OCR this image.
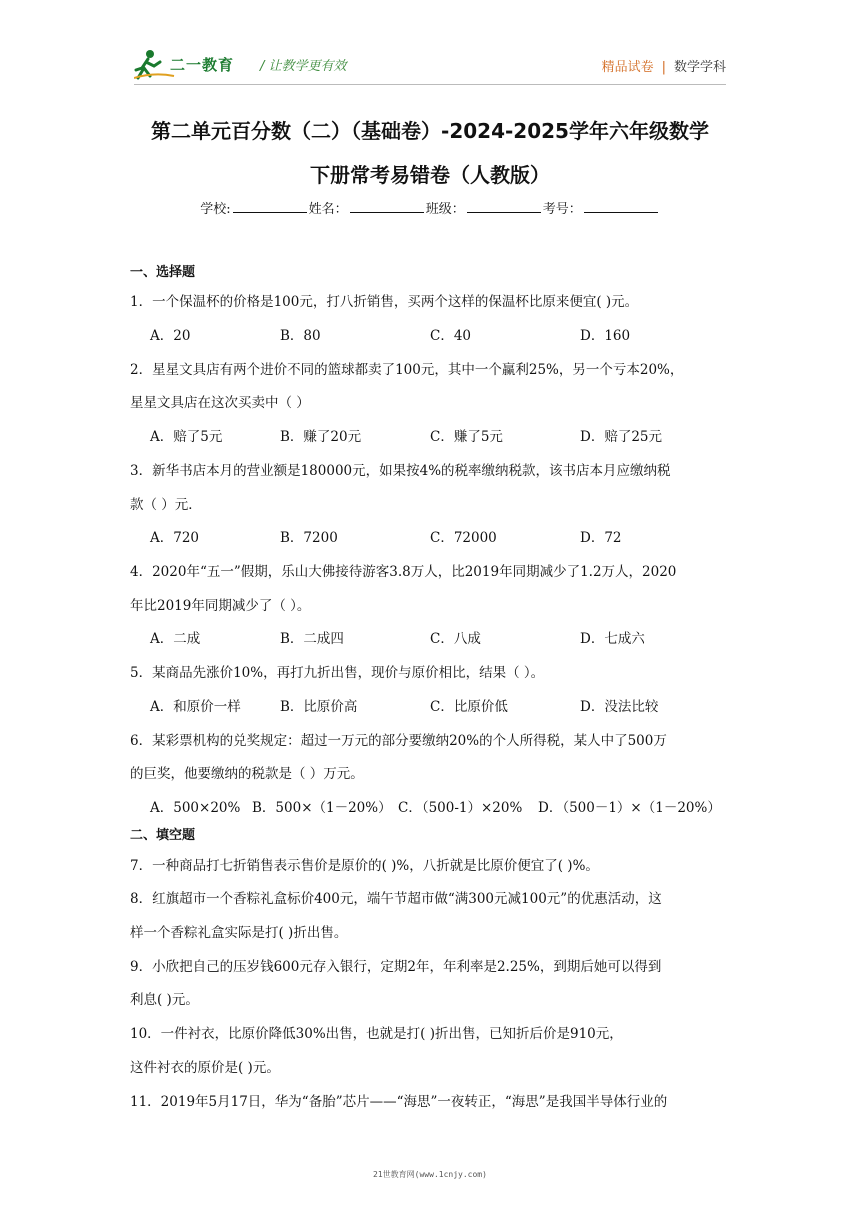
二一教育 / 让教学更有效	精品试卷 | 数学学科
第二单元百分数（二）（基础卷）-2024-2025学年六年级数学
下册常考易错卷（人教版）
学校:	姓名：	班级：	考号：
一、选择题
1．一个保温杯的价格是100元，打八折销售，买两个这样的保温杯比原来便宜( )元。
A．20	B．80	C．40	D．160
2．星星文具店有两个进价不同的篮球都卖了100元，其中一个赢利25%，另一个亏本20%，
星星文具店在这次买卖中（ ）
A．赔了5元	B．赚了20元	C．赚了5元	D．赔了25元
3．新华书店本月的营业额是180000元，如果按4%的税率缴纳税款，该书店本月应缴纳税
款（ ）元．
A．720	B．7200	C．72000	D．72
4．2020年“五一”假期，乐山大佛接待游客3.8万人，比2019年同期减少了1.2万人，2020
年比2019年同期减少了（ ）。
A．二成	B．二成四	C．八成	D．七成六
5．某商品先涨价10%，再打九折出售，现价与原价相比，结果（ ）。
A．和原价一样	B．比原价高	C．比原价低	D．没法比较
6．某彩票机构的兑奖规定：超过一万元的部分要缴纳20%的个人所得税，某人中了500万
的巨奖，他要缴纳的税款是（ ）万元。
A．500×20% B．500×（1－20%） C．（500-1）×20% D．（500－1）×（1－20%）
二、填空题
7．一种商品打七折销售表示售价是原价的( )%，八折就是比原价便宜了( )%。
8．红旗超市一个香粽礼盒标价400元，端午节超市做“满300元减100元”的优惠活动，这
样一个香粽礼盒实际是打( )折出售。
9．小欣把自己的压岁钱600元存入银行，定期2年，年利率是2.25%，到期后她可以得到
利息( )元。
10．一件衬衣，比原价降低30%出售，也就是打( )折出售，已知折后价是910元，
这件衬衣的原价是( )元。
11．2019年5月17日，华为“备胎”芯片——“海思”一夜转正，“海思”是我国半导体行业的
21世教育网(www.1cnjy.com)
